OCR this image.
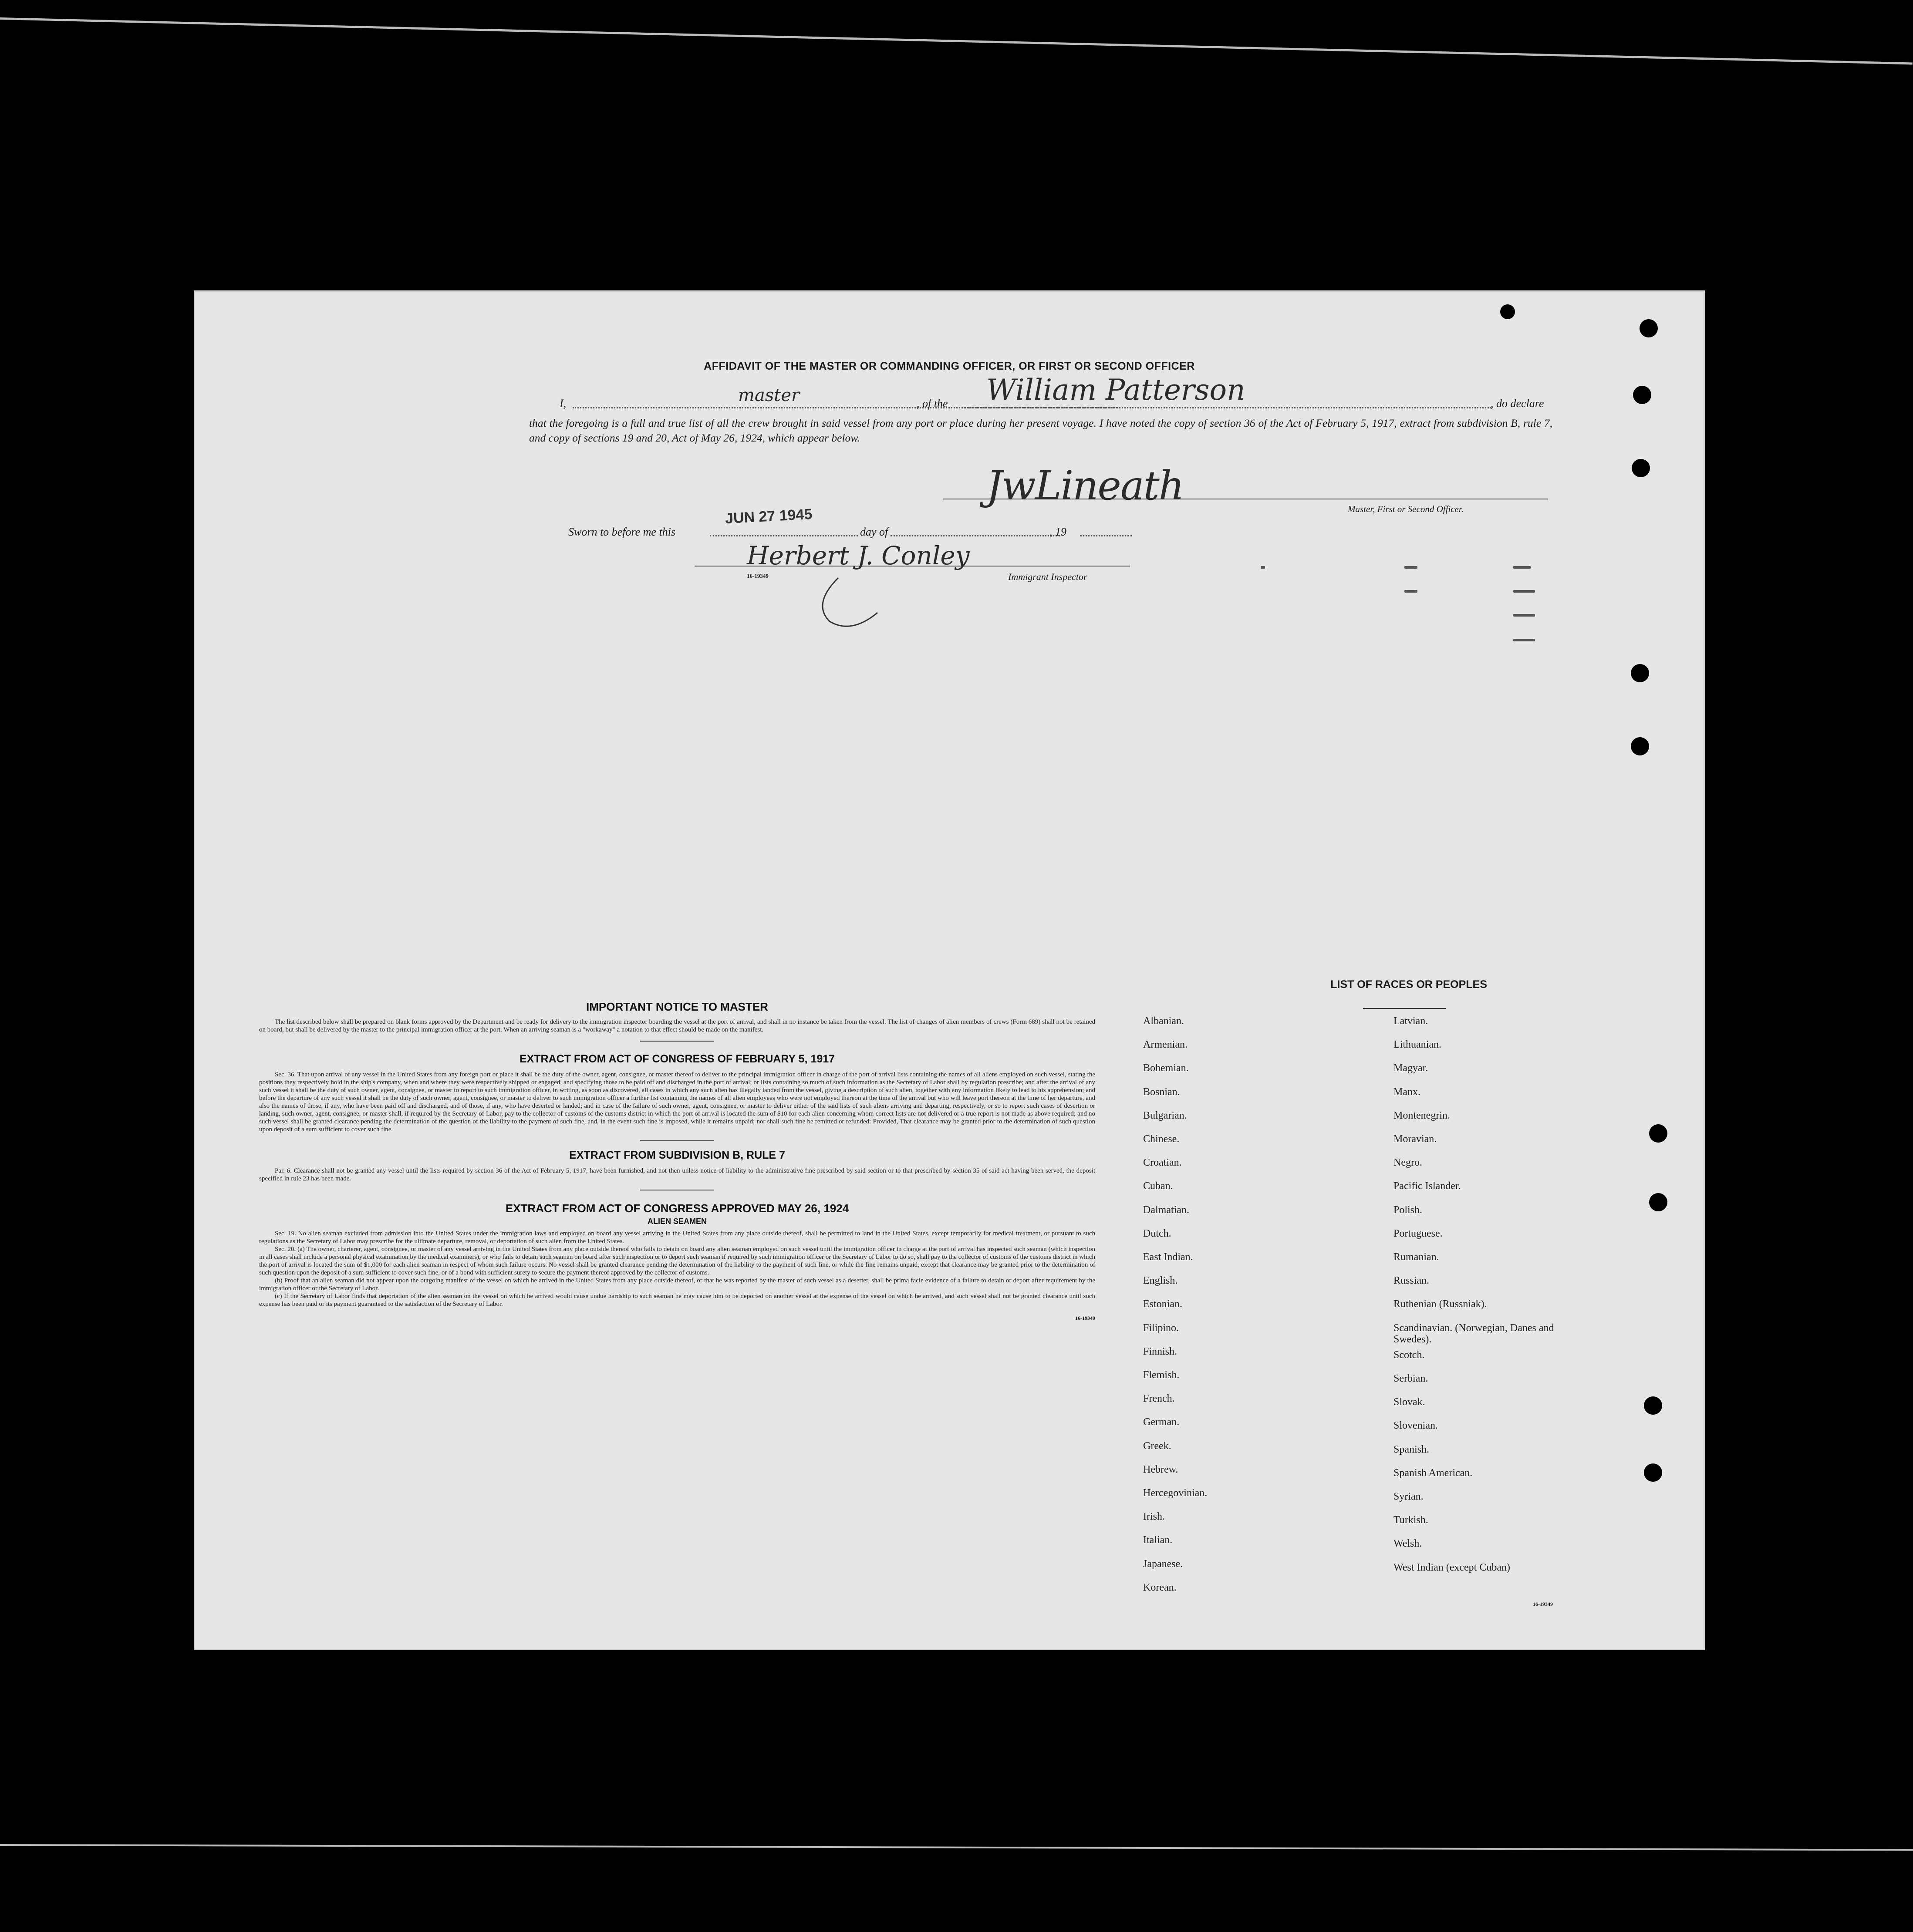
AFFIDAVIT OF THE MASTER OR COMMANDING OFFICER, OR FIRST OR SECOND OFFICER
I,	master	, of the William Patterson	, do declare
that the foregoing is a full and true list of all the crew brought in said vessel from any port or place during her present voyage. I have noted the copy of section 36 of the Act of February 5, 1917, extract from subdivision B, rule 7, and copy of sections 19 and 20, Act of May 26, 1924, which appear below.
JwLineath	Master, First or Second Officer.
Sworn to before me this
JUN 27 1945
day of	, 19
Herbert J. Conley
16-19349	Immigrant Inspector
IMPORTANT NOTICE TO MASTER
The list described below shall be prepared on blank forms approved by the Department and be ready for delivery to the immigration inspector boarding the vessel at the port of arrival, and shall in no instance be taken from the vessel. The list of changes of alien members of crews (Form 689) shall not be retained on board, but shall be delivered by the master to the principal immigration officer at the port. When an arriving seaman is a "workaway" a notation to that effect should be made on the manifest.
EXTRACT FROM ACT OF CONGRESS OF FEBRUARY 5, 1917
Sec. 36. That upon arrival of any vessel in the United States from any foreign port or place it shall be the duty of the owner, agent, consignee, or master thereof to deliver to the principal immigration officer in charge of the port of arrival lists containing the names of all aliens employed on such vessel, stating the positions they respectively hold in the ship's company, when and where they were respectively shipped or engaged, and specifying those to be paid off and discharged in the port of arrival; or lists containing so much of such information as the Secretary of Labor shall by regulation prescribe; and after the arrival of any such vessel it shall be the duty of such owner, agent, consignee, or master to report to such immigration officer, in writing, as soon as discovered, all cases in which any such alien has illegally landed from the vessel, giving a description of such alien, together with any information likely to lead to his apprehension; and before the departure of any such vessel it shall be the duty of such owner, agent, consignee, or master to deliver to such immigration officer a further list containing the names of all alien employees who were not employed thereon at the time of the arrival but who will leave port thereon at the time of her departure, and also the names of those, if any, who have been paid off and discharged, and of those, if any, who have deserted or landed; and in case of the failure of such owner, agent, consignee, or master to deliver either of the said lists of such aliens arriving and departing, respectively, or so to report such cases of desertion or landing, such owner, agent, consignee, or master shall, if required by the Secretary of Labor, pay to the collector of customs of the customs district in which the port of arrival is located the sum of $10 for each alien concerning whom correct lists are not delivered or a true report is not made as above required; and no such vessel shall be granted clearance pending the determination of the question of the liability to the payment of such fine, and, in the event such fine is imposed, while it remains unpaid; nor shall such fine be remitted or refunded: Provided, That clearance may be granted prior to the determination of such question upon deposit of a sum sufficient to cover such fine.
EXTRACT FROM SUBDIVISION B, RULE 7
Par. 6. Clearance shall not be granted any vessel until the lists required by section 36 of the Act of February 5, 1917, have been furnished, and not then unless notice of liability to the administrative fine prescribed by said section or to that prescribed by section 35 of said act having been served, the deposit specified in rule 23 has been made.
EXTRACT FROM ACT OF CONGRESS APPROVED MAY 26, 1924
ALIEN SEAMEN
Sec. 19. No alien seaman excluded from admission into the United States under the immigration laws and employed on board any vessel arriving in the United States from any place outside thereof, shall be permitted to land in the United States, except temporarily for medical treatment, or pursuant to such regulations as the Secretary of Labor may prescribe for the ultimate departure, removal, or deportation of such alien from the United States.
Sec. 20. (a) The owner, charterer, agent, consignee, or master of any vessel arriving in the United States from any place outside thereof who fails to detain on board any alien seaman employed on such vessel until the immigration officer in charge at the port of arrival has inspected such seaman (which inspection in all cases shall include a personal physical examination by the medical examiners), or who fails to detain such seaman on board after such inspection or to deport such seaman if required by such immigration officer or the Secretary of Labor to do so, shall pay to the collector of customs of the customs district in which the port of arrival is located the sum of $1,000 for each alien seaman in respect of whom such failure occurs. No vessel shall be granted clearance pending the determination of the liability to the payment of such fine, or while the fine remains unpaid, except that clearance may be granted prior to the determination of such question upon the deposit of a sum sufficient to cover such fine, or of a bond with sufficient surety to secure the payment thereof approved by the collector of customs.
(b) Proof that an alien seaman did not appear upon the outgoing manifest of the vessel on which he arrived in the United States from any place outside thereof, or that he was reported by the master of such vessel as a deserter, shall be prima facie evidence of a failure to detain or deport after requirement by the immigration officer or the Secretary of Labor.
(c) If the Secretary of Labor finds that deportation of the alien seaman on the vessel on which he arrived would cause undue hardship to such seaman he may cause him to be deported on another vessel at the expense of the vessel on which he arrived, and such vessel shall not be granted clearance until such expense has been paid or its payment guaranteed to the satisfaction of the Secretary of Labor.
16-19349
LIST OF RACES OR PEOPLES
16-19349
Albanian.
Armenian.
Bohemian.
Bosnian.
Bulgarian.
Chinese.
Croatian.
Cuban.
Dalmatian.
Dutch.
East Indian.
English.
Estonian.
Filipino.
Finnish.
Flemish.
French.
German.
Greek.
Hebrew.
Hercegovinian.
Irish.
Italian.
Japanese.
Korean.
Latvian.
Lithuanian.
Magyar.
Manx.
Montenegrin.
Moravian.
Negro.
Pacific Islander.
Polish.
Portuguese.
Rumanian.
Russian.
Ruthenian (Russniak).
Scandinavian. (Norwegian, Danes and Swedes).
Scotch.
Serbian.
Slovak.
Slovenian.
Spanish.
Spanish American.
Syrian.
Turkish.
Welsh.
West Indian (except Cuban)
